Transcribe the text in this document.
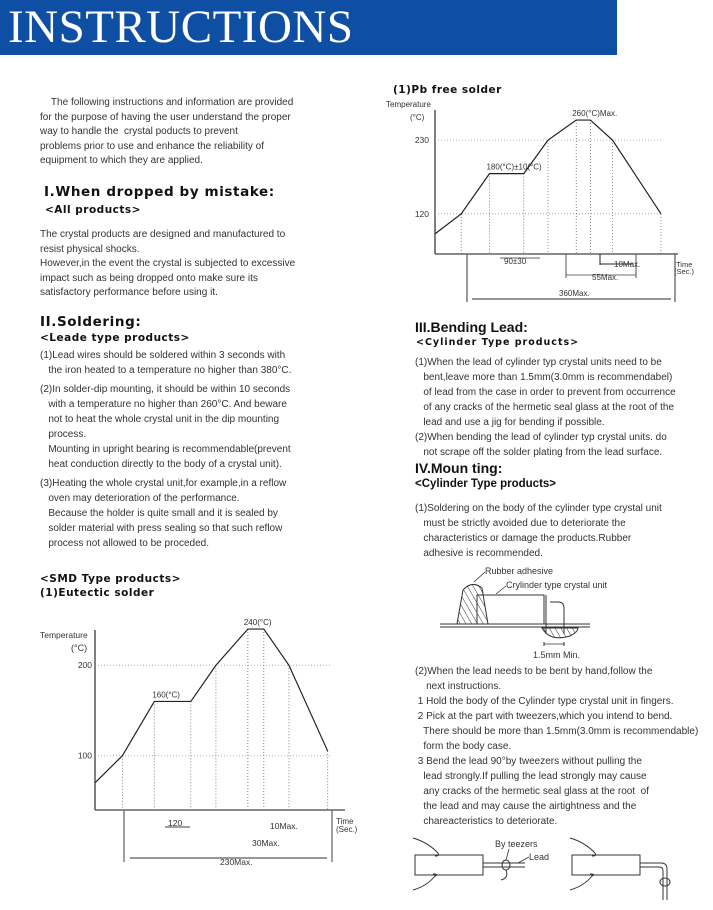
INSTRUCTIONS
The following instructions and information are provided
for the purpose of having the user understand the proper
way to handle the  crystal poducts to prevent
problems prior to use and enhance the reliability of
equipment to which they are applied.
I.When dropped by mistake:
<All products>
The crystal products are designed and manufactured to
resist physical shocks.
However,in the event the crystal is subjected to excessive
impact such as being dropped onto make sure its
satisfactory performance before using it.
II.Soldering:
<Leade type products>
(1)Lead wires should be soldered within 3 seconds with
the iron heated to a temperature no higher than 380°C.
(2)In solder-dip mounting, it should be within 10 seconds
with a temperature no higher than 260°C. And beware
not to heat the whole crystal unit in the dip mounting
process.
Mounting in upright bearing is recommendable(prevent
heat conduction directly to the body of a crystal unit).
(3)Heating the whole crystal unit,for example,in a reflow
oven may deterioration of the performance.
Because the holder is quite small and it is sealed by
solder material with press sealing so that such reflow
process not allowed to be proceded.
<SMD Type products>
(1)Eutectic solder
Temperature
(°C)
100
200
160(°C)
240(°C)
120	10Max.
30Max.
230Max.
Time
(Sec.)
(1)Pb free solder
Temperature
(°C)
120
230
180(°C)±10(°C)
260(°C)Max.
90±30	10Max.
55Max.
360Max.
Time
(Sec.)
III.Bending Lead:
<Cylinder Type products>
(1)When the lead of cylinder typ crystal units need to be
bent,leave more than 1.5mm(3.0mm is recommendabel)
of lead from the case in order to prevent from occurrence
of any cracks of the hermetic seal glass at the root of the
lead and use a jig for bending if possible.
(2)When bending the lead of cylinder typ crystal units. do
not scrape off the solder plating from the lead surface.
IV.Moun ting:
<Cylinder Type products>
(1)Soldering on the body of the cylinder type crystal unit
must be strictly avoided due to deteriorate the
characteristics or damage the products.Rubber
adhesive is recommended.
Rubber adhesive
Crylinder type crystal unit
1.5mm Min.
(2)When the lead needs to be bent by hand,follow the
next instructions.
1 Hold the body of the Cylinder type crystal unit in fingers.
2 Pick at the part with tweezers,which you intend to bend.
There should be more than 1.5mm(3.0mm is recommendable)
form the body case.
3 Bend the lead 90°by tweezers without pulling the
lead strongly.If pulling the lead strongly may cause
any cracks of the hermetic seal glass at the root  of
the lead and may cause the airtightness and the
chareacteristics to deteriorate.
By teezers
Lead
